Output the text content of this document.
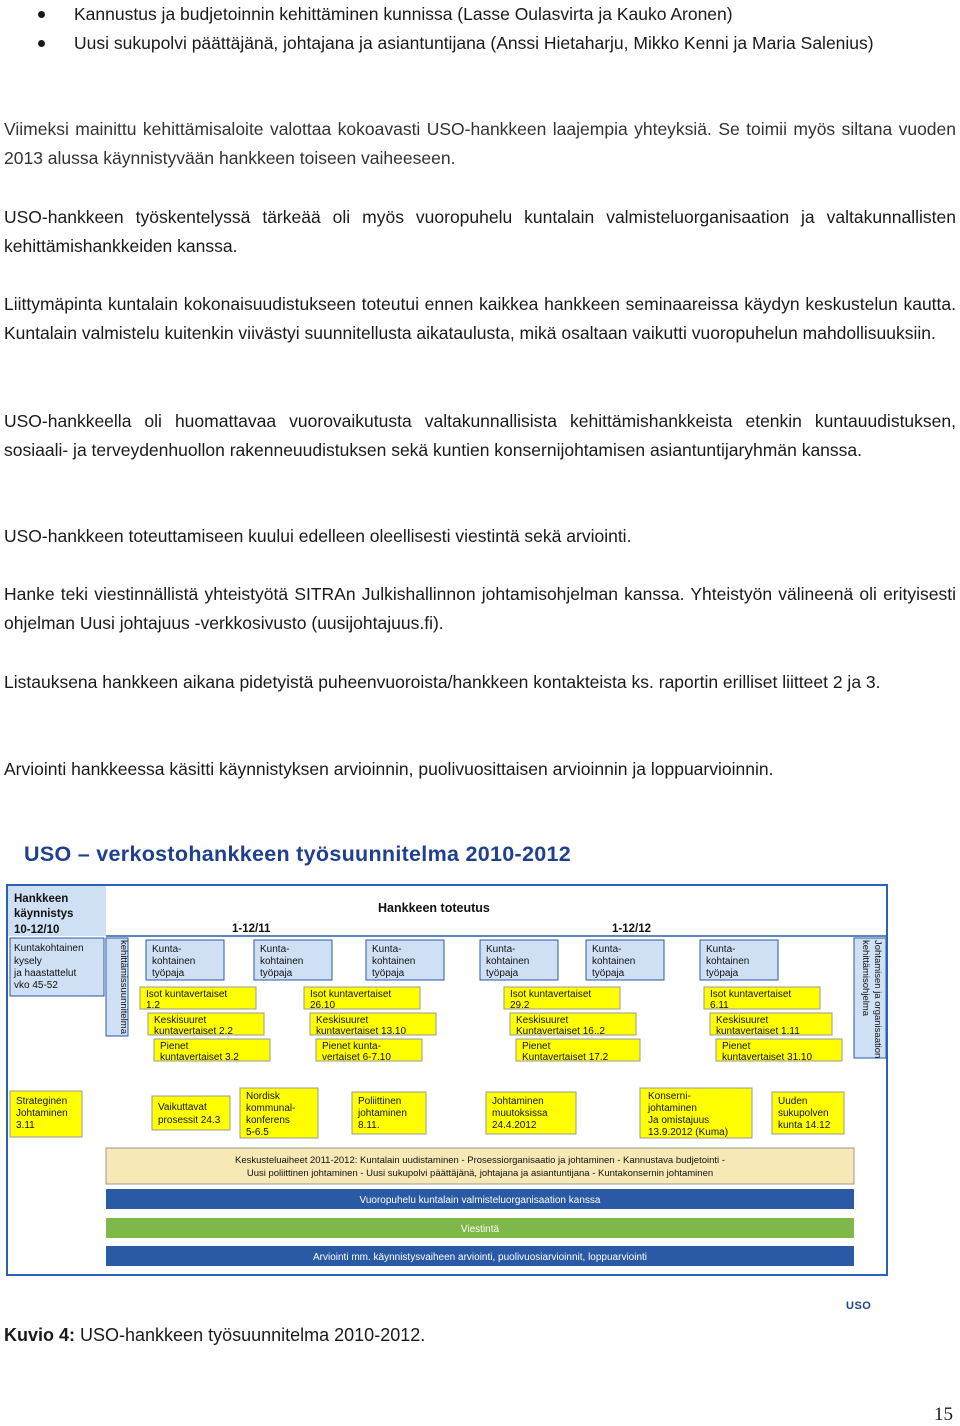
Kannustus ja budjetoinnin kehittäminen kunnissa (Lasse Oulasvirta ja Kauko Aronen)
Uusi sukupolvi päättäjänä, johtajana ja asiantuntijana (Anssi Hietaharju, Mikko Kenni ja Maria Salenius)

Viimeksi mainittu kehittämisaloite valottaa kokoavasti USO-hankkeen laajempia yhteyksiä. Se toimii myös siltana vuoden 2013 alussa käynnistyvään hankkeen toiseen vaiheeseen.

USO-hankkeen työskentelyssä tärkeää oli myös vuoropuhelu kuntalain valmisteluorganisaation ja valtakunnallisten kehittämishankkeiden kanssa.

Liittymäpinta kuntalain kokonaisuudistukseen toteutui ennen kaikkea hankkeen seminaareissa käydyn keskustelun kautta. Kuntalain valmistelu kuitenkin viivästyi suunnitellusta aikataulusta, mikä osaltaan vaikutti vuoropuhelun mahdollisuuksiin.

USO-hankkeella oli huomattavaa vuorovaikutusta valtakunnallisista kehittämishankkeista etenkin kuntauudistuksen, sosiaali- ja terveydenhuollon rakenneuudistuksen sekä kuntien konsernijohtamisen asiantuntijaryhmän kanssa.

USO-hankkeen toteuttamiseen kuului edelleen oleellisesti viestintä sekä arviointi.

Hanke teki viestinnällistä yhteistyötä SITRAn Julkishallinnon johtamisohjelman kanssa. Yhteistyön välineenä oli erityisesti ohjelman Uusi johtajuus -verkkosivusto (uusijohtajuus.fi).

Listauksena hankkeen aikana pidetyistä puheenvuoroista/hankkeen kontakteista ks. raportin erilliset liitteet 2 ja 3.

Arviointi hankkeessa käsitti käynnistyksen arvioinnin, puolivuosittaisen arvioinnin ja loppuarvioinnin.

USO – verkostohankkeen työsuunnitelma 2010-2012
Hankkeen
käynnistys
10-12/10
Hankkeen toteutus
1-12/11	1-12/12
Kuntakohtainen
kysely
ja haastattelut
vko 45-52	kehittämissuunnitelma	Johtamisen ja organisaation
kehittämisohjelma
Kunta-
kohtainen
työpaja
Kunta-
kohtainen
työpaja
Kunta-
kohtainen
työpaja
Kunta-
kohtainen
työpaja
Kunta-
kohtainen
työpaja
Kunta-
kohtainen
työpaja
Isot kuntavertaiset
1.2
Keskisuuret
kuntavertaiset 2.2
Pienet
kuntavertaiset 3.2
Isot kuntavertaiset
26.10
Keskisuuret
kuntavertaiset 13.10
Pienet kunta-
vertaiset 6-7.10
Isot kuntavertaiset
29.2
Keskisuuret
Kuntavertaiset 16..2
Pienet
Kuntavertaiset 17.2
Isot kuntavertaiset
6.11
Keskisuuret
kuntavertaiset 1.11
Pienet
kuntavertaiset 31.10
Strateginen
Johtaminen
3.11
Vaikuttavat
prosessit 24.3
Nordisk
kommunal-
konferens
5-6.5
Poliittinen
johtaminen
8.11.
Johtaminen
muutoksissa
24.4.2012
Konserni-
johtaminen
Ja omistajuus
13.9.2012 (Kuma)
Uuden
sukupolven
kunta 14.12
Keskusteluaiheet 2011-2012: Kuntalain uudistaminen - Prosessiorganisaatio ja johtaminen - Kannustava budjetointi -
Uusi poliittinen johtaminen - Uusi sukupolvi päättäjänä, johtajana ja asiantuntijana - Kuntakonsernin johtaminen
Vuoropuhelu kuntalain valmisteluorganisaation kanssa
Viestintä
Arviointi mm. käynnistysvaiheen arviointi, puolivuosiarvioinnit, loppuarviointi
USO
Kuvio 4: USO-hankkeen työsuunnitelma 2010-2012.
15
